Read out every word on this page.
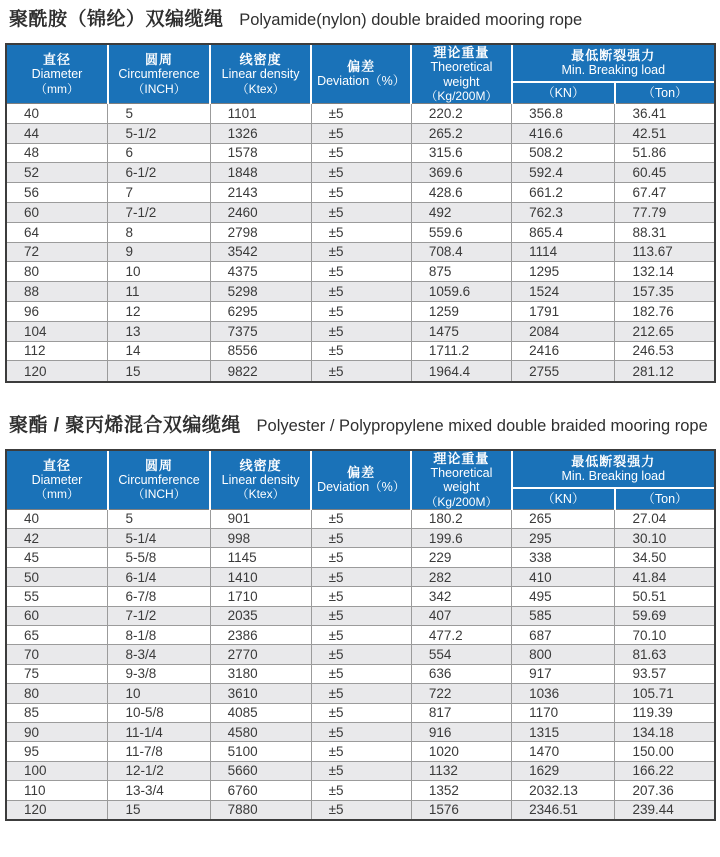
聚酰胺（锦纶）双编缆绳 Polyamide(nylon) double braided mooring rope
直径
Diameter
（mm）	圆周
Circumference
（INCH）	线密度
Linear density
（Ktex）	偏差
Deviation（%）	理论重量
Theoretical weight
（Kg/200M）	最低断裂强力
Min. Breaking load	

					（KN）	（Ton）

40	5	1101	±5	220.2	356.8	36.41
44	5-1/2	1326	±5	265.2	416.6	42.51
48	6	1578	±5	315.6	508.2	51.86
52	6-1/2	1848	±5	369.6	592.4	60.45
56	7	2143	±5	428.6	661.2	67.47
60	7-1/2	2460	±5	492	762.3	77.79
64	8	2798	±5	559.6	865.4	88.31
72	9	3542	±5	708.4	1114	113.67
80	10	4375	±5	875	1295	132.14
88	11	5298	±5	1059.6	1524	157.35
96	12	6295	±5	1259	1791	182.76
104	13	7375	±5	1475	2084	212.65
112	14	8556	±5	1711.2	2416	246.53
120	15	9822	±5	1964.4	2755	281.12
聚酯 / 聚丙烯混合双编缆绳 Polyester / Polypropylene mixed double braided mooring rope
直径
Diameter
（mm）	圆周
Circumference
（INCH）	线密度
Linear density
（Ktex）	偏差
Deviation（%）	理论重量
Theoretical weight
（Kg/200M）	最低断裂强力
Min. Breaking load	

					（KN）	（Ton）

40	5	901	±5	180.2	265	27.04
42	5-1/4	998	±5	199.6	295	30.10
45	5-5/8	1145	±5	229	338	34.50
50	6-1/4	1410	±5	282	410	41.84
55	6-7/8	1710	±5	342	495	50.51
60	7-1/2	2035	±5	407	585	59.69
65	8-1/8	2386	±5	477.2	687	70.10
70	8-3/4	2770	±5	554	800	81.63
75	9-3/8	3180	±5	636	917	93.57
80	10	3610	±5	722	1036	105.71
85	10-5/8	4085	±5	817	1170	119.39
90	11-1/4	4580	±5	916	1315	134.18
95	11-7/8	5100	±5	1020	1470	150.00
100	12-1/2	5660	±5	1132	1629	166.22
110	13-3/4	6760	±5	1352	2032.13	207.36
120	15	7880	±5	1576	2346.51	239.44
